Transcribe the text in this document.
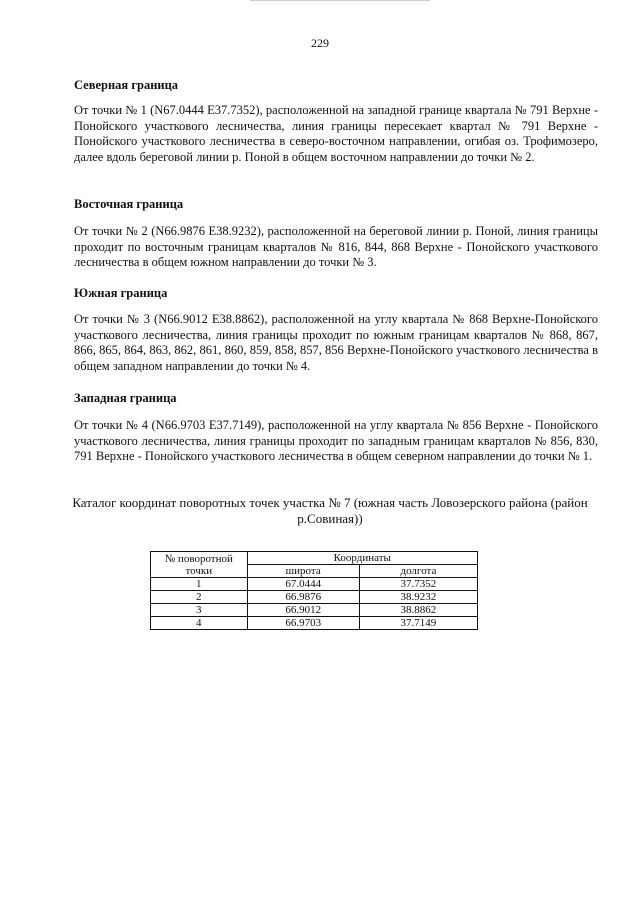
229
Северная граница
От точки № 1 (N67.0444 E37.7352), расположенной на западной границе квартала № 791 Верхне - Понойского участкового лесничества, линия границы пересекает квартал № 791 Верхне - Понойского участкового лесничества в северо-восточном направлении, огибая оз. Трофимозеро, далее вдоль береговой линии р. Поной в общем восточном направлении до точки № 2.
Восточная граница
От точки № 2 (N66.9876 E38.9232), расположенной на береговой линии р. Поной, линия границы проходит по восточным границам кварталов № 816, 844, 868 Верхне - Понойского участкового лесничества в общем южном направлении до точки № 3.
Южная граница
От точки № 3 (N66.9012 E38.8862), расположенной на углу квартала № 868 Верхне-Понойского участкового лесничества, линия границы проходит по южным границам кварталов № 868, 867, 866, 865, 864, 863, 862, 861, 860, 859, 858, 857, 856 Верхне-Понойского участкового лесничества в общем западном направлении до точки № 4.
Западная граница
От точки № 4 (N66.9703 E37.7149), расположенной на углу квартала № 856 Верхне - Понойского участкового лесничества, линия границы проходит по западным границам кварталов № 856, 830, 791 Верхне - Понойского участкового лесничества в общем северном направлении до точки № 1.
Каталог координат поворотных точек участка № 7 (южная часть Ловозерского района (район р.Совиная))
№ поворотной точки	Координаты	
	широта	долгота
1	67.0444	37.7352
2	66.9876	38.9232
3	66.9012	38.8862
4	66.9703	37.7149
